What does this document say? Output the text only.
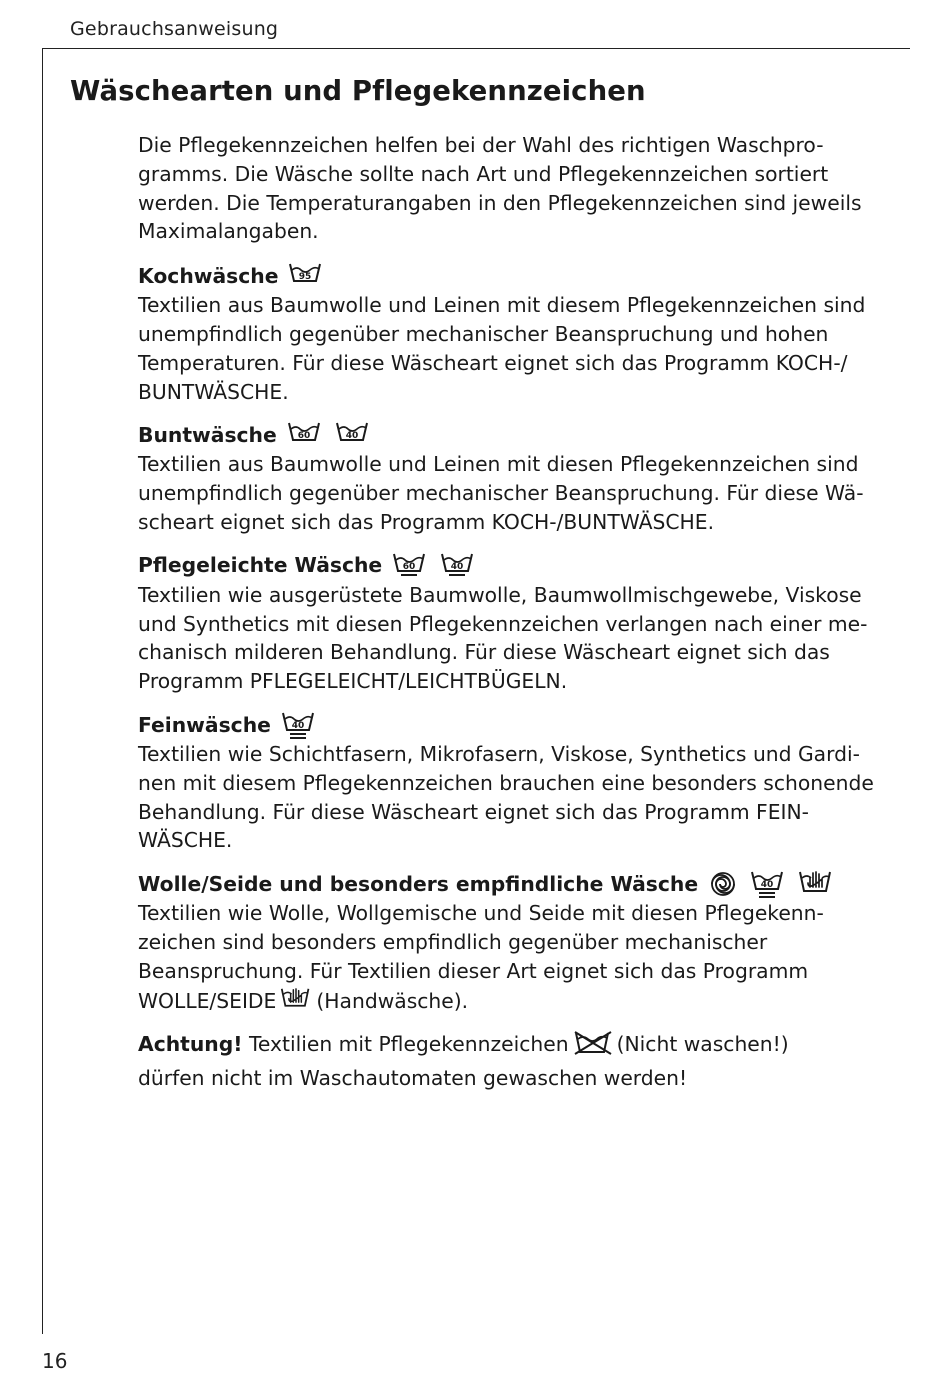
Gebrauchsanweisung
Wäschearten und Pflegekennzeichen

Die Pflegekennzeichen helfen bei der Wahl des richtigen Waschpro-
gramms. Die Wäsche sollte nach Art und Pflegekennzeichen sortiert
werden. Die Temperaturangaben in den Pflegekennzeichen sind jeweils
Maximalangaben.

Kochwäsche 95

Textilien aus Baumwolle und Leinen mit diesem Pflegekennzeichen sind
unempfindlich gegenüber mechanischer Beanspruchung und hohen
Temperaturen. Für diese Wäscheart eignet sich das Programm KOCH-/
BUNTWÄSCHE.

Buntwäsche 60	40

Textilien aus Baumwolle und Leinen mit diesen Pflegekennzeichen sind
unempfindlich gegenüber mechanischer Beanspruchung. Für diese Wä-
scheart eignet sich das Programm KOCH-/BUNTWÄSCHE.

Pflegeleichte Wäsche 60	40

Textilien wie ausgerüstete Baumwolle, Baumwollmischgewebe, Viskose
und Synthetics mit diesen Pflegekennzeichen verlangen nach einer me-
chanisch milderen Behandlung. Für diese Wäscheart eignet sich das
Programm PFLEGELEICHT/LEICHTBÜGELN.

Feinwäsche 40

Textilien wie Schichtfasern, Mikrofasern, Viskose, Synthetics und Gardi-
nen mit diesem Pflegekennzeichen brauchen eine besonders schonende
Behandlung. Für diese Wäscheart eignet sich das Programm FEIN-
WÄSCHE.

Wolle/Seide und besonders empfindliche Wäsche	40

Textilien wie Wolle, Wollgemische und Seide mit diesen Pflegekenn-
zeichen sind besonders empfindlich gegenüber mechanischer
Beanspruchung. Für Textilien dieser Art eignet sich das Programm
WOLLE/SEIDE (Handwäsche).

Achtung! Textilien mit Pflegekennzeichen (Nicht waschen!)
dürfen nicht im Waschautomaten gewaschen werden!

16
